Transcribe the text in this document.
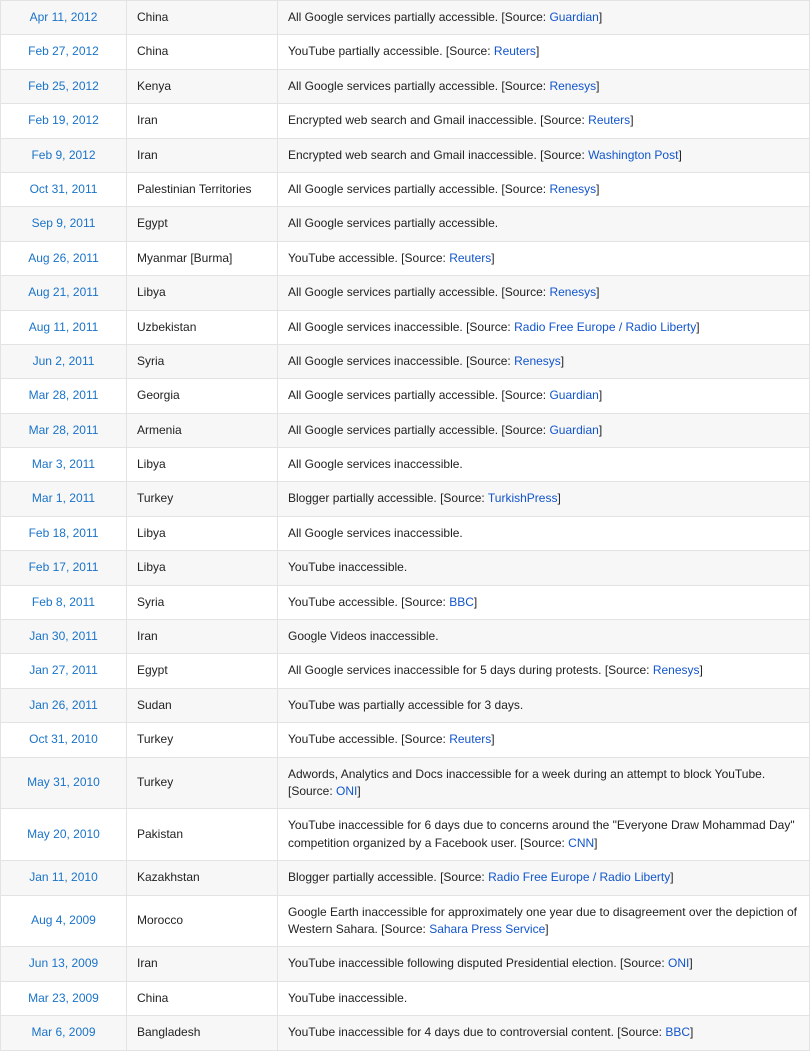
Apr 11, 2012	China	All Google services partially accessible. [Source: Guardian]
Feb 27, 2012	China	YouTube partially accessible. [Source: Reuters]
Feb 25, 2012	Kenya	All Google services partially accessible. [Source: Renesys]
Feb 19, 2012	Iran	Encrypted web search and Gmail inaccessible. [Source: Reuters]
Feb 9, 2012	Iran	Encrypted web search and Gmail inaccessible. [Source: Washington Post]
Oct 31, 2011	Palestinian Territories	All Google services partially accessible. [Source: Renesys]
Sep 9, 2011	Egypt	All Google services partially accessible.
Aug 26, 2011	Myanmar [Burma]	YouTube accessible. [Source: Reuters]
Aug 21, 2011	Libya	All Google services partially accessible. [Source: Renesys]
Aug 11, 2011	Uzbekistan	All Google services inaccessible. [Source: Radio Free Europe / Radio Liberty]
Jun 2, 2011	Syria	All Google services inaccessible. [Source: Renesys]
Mar 28, 2011	Georgia	All Google services partially accessible. [Source: Guardian]
Mar 28, 2011	Armenia	All Google services partially accessible. [Source: Guardian]
Mar 3, 2011	Libya	All Google services inaccessible.
Mar 1, 2011	Turkey	Blogger partially accessible. [Source: TurkishPress]
Feb 18, 2011	Libya	All Google services inaccessible.
Feb 17, 2011	Libya	YouTube inaccessible.
Feb 8, 2011	Syria	YouTube accessible. [Source: BBC]
Jan 30, 2011	Iran	Google Videos inaccessible.
Jan 27, 2011	Egypt	All Google services inaccessible for 5 days during protests. [Source: Renesys]
Jan 26, 2011	Sudan	YouTube was partially accessible for 3 days.
Oct 31, 2010	Turkey	YouTube accessible. [Source: Reuters]
May 31, 2010	Turkey	Adwords, Analytics and Docs inaccessible for a week during an attempt to block YouTube. [Source: ONI]
May 20, 2010	Pakistan	YouTube inaccessible for 6 days due to concerns around the "Everyone Draw Mohammad Day" competition organized by a Facebook user. [Source: CNN]
Jan 11, 2010	Kazakhstan	Blogger partially accessible. [Source: Radio Free Europe / Radio Liberty]
Aug 4, 2009	Morocco	Google Earth inaccessible for approximately one year due to disagreement over the depiction of Western Sahara. [Source: Sahara Press Service]
Jun 13, 2009	Iran	YouTube inaccessible following disputed Presidential election. [Source: ONI]
Mar 23, 2009	China	YouTube inaccessible.
Mar 6, 2009	Bangladesh	YouTube inaccessible for 4 days due to controversial content. [Source: BBC]
